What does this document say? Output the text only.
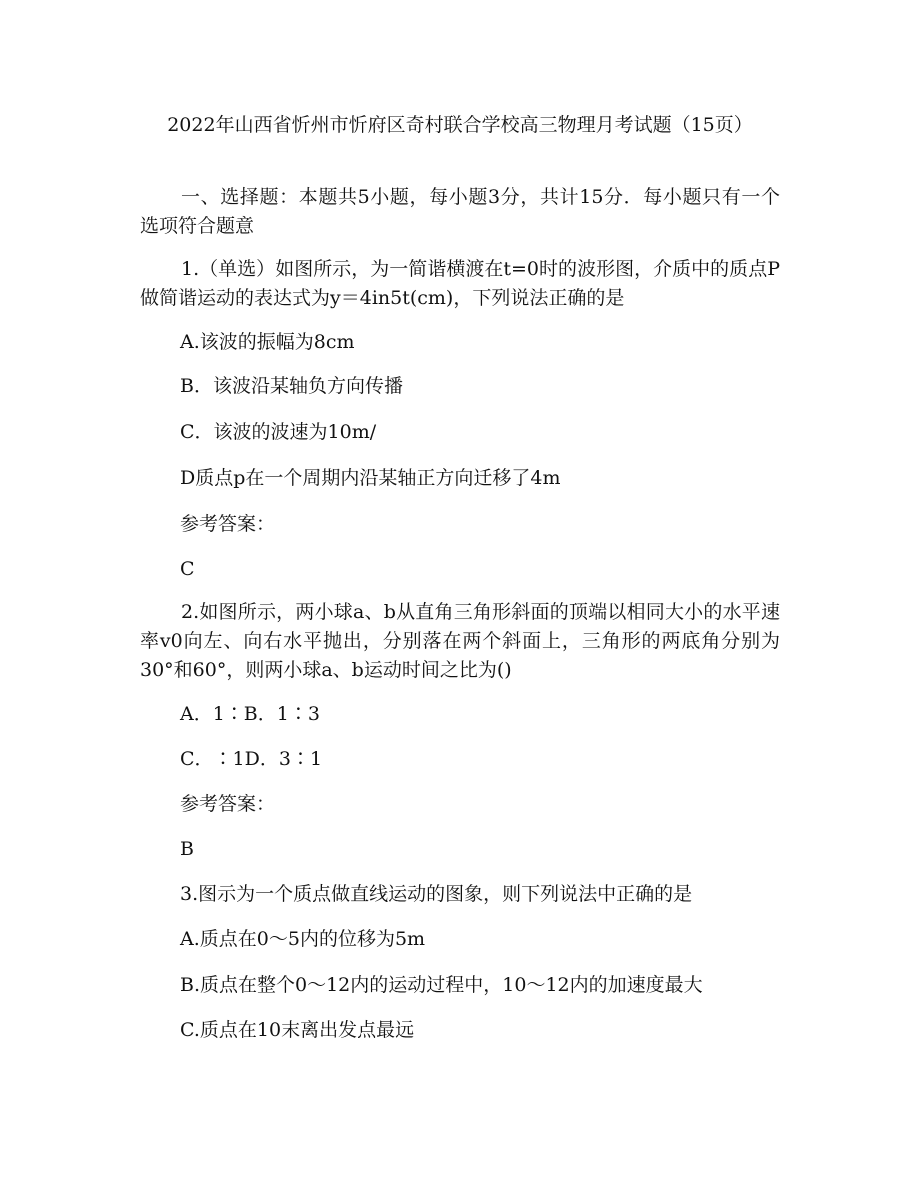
2022年山西省忻州市忻府区奇村联合学校高三物理月考试题（15页）
一、选择题：本题共5小题，每小题3分，共计15分．每小题只有一个选项符合题意
1.（单选）如图所示，为一简谐横渡在t=0时的波形图，介质中的质点P做简谐运动的表达式为y＝4in5t(cm)，下列说法正确的是
A.该波的振幅为8cm
B．该波沿某轴负方向传播
C．该波的波速为10m/
D质点p在一个周期内沿某轴正方向迁移了4m
参考答案：
C
2.如图所示，两小球a、b从直角三角形斜面的顶端以相同大小的水平速率v0向左、向右水平抛出，分别落在两个斜面上，三角形的两底角分别为30°和60°，则两小球a、b运动时间之比为()
A．1∶B．1∶3
C．∶1D．3∶1
参考答案：
B
3.图示为一个质点做直线运动的图象，则下列说法中正确的是
A.质点在0～5内的位移为5m
B.质点在整个0～12内的运动过程中，10～12内的加速度最大
C.质点在10末离出发点最远
